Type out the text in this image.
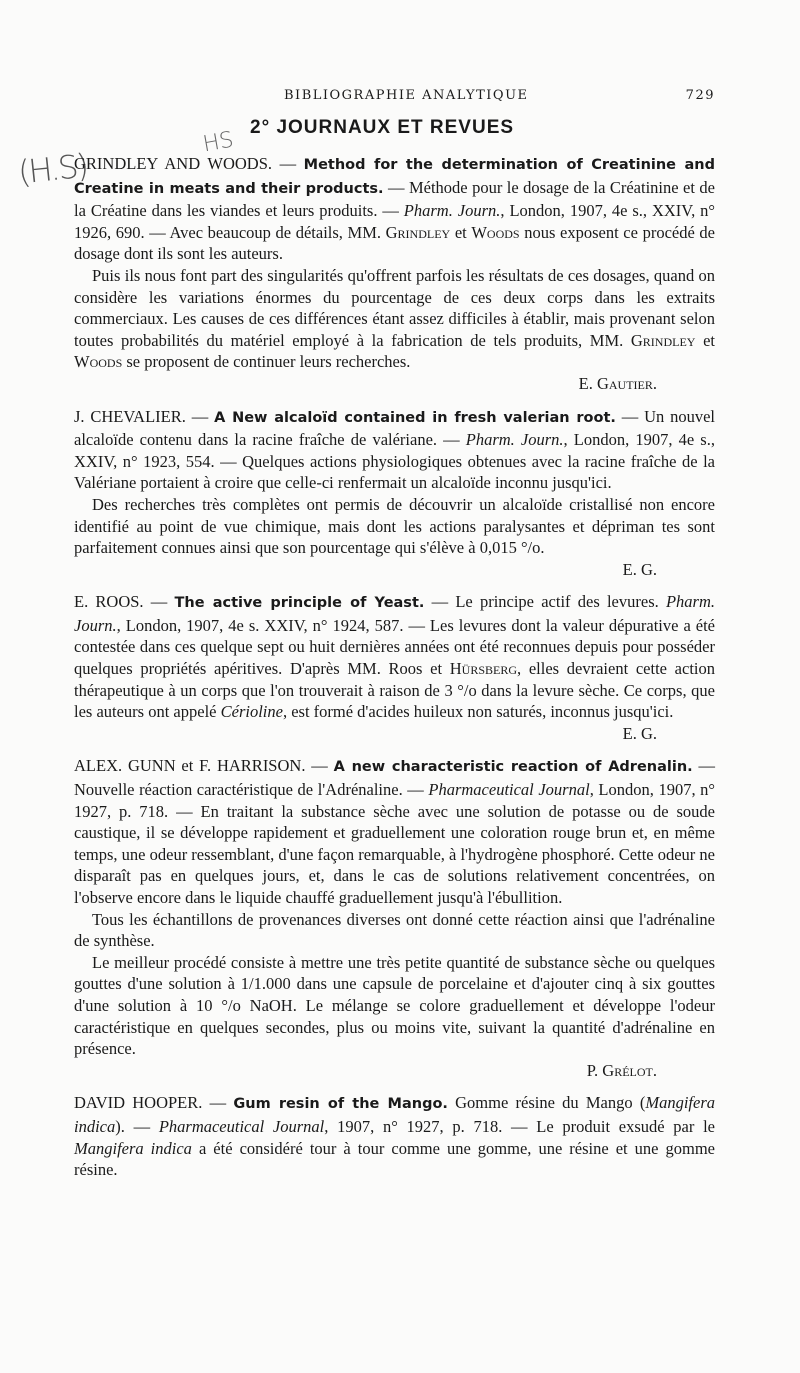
(H.S)
HS
BIBLIOGRAPHIE ANALYTIQUE	729
2° JOURNAUX ET REVUES

GRINDLEY AND WOODS. — Method for the determination of Creatinine and Creatine in meats and their products. — Méthode pour le dosage de la Créatinine et de la Créatine dans les viandes et leurs produits. — Pharm. Journ., London, 1907, 4e s., XXIV, n° 1926, 690. — Avec beaucoup de détails, MM. Grindley et Woods nous exposent ce procédé de dosage dont ils sont les auteurs.

Puis ils nous font part des singularités qu'offrent parfois les résultats de ces dosages, quand on considère les variations énormes du pourcentage de ces deux corps dans les extraits commerciaux. Les causes de ces différences étant assez difficiles à établir, mais provenant selon toutes probabilités du matériel employé à la fabrication de tels produits, MM. Grindley et Woods se proposent de continuer leurs recherches.

E. Gautier.

J. CHEVALIER. — A New alcaloïd contained in fresh valerian root. — Un nouvel alcaloïde contenu dans la racine fraîche de valériane. — Pharm. Journ., London, 1907, 4e s., XXIV, n° 1923, 554. — Quelques actions physiologiques obtenues avec la racine fraîche de la Valériane portaient à croire que celle-ci renfermait un alcaloïde inconnu jusqu'ici.

Des recherches très complètes ont permis de découvrir un alcaloïde cristallisé non encore identifié au point de vue chimique, mais dont les actions paralysantes et dépriman tes sont parfaitement connues ainsi que son pourcentage qui s'élève à 0,015 °/o.

E. G.

E. ROOS. — The active principle of Yeast. — Le principe actif des levures. Pharm. Journ., London, 1907, 4e s. XXIV, n° 1924, 587. — Les levures dont la valeur dépurative a été contestée dans ces quelque sept ou huit dernières années ont été reconnues depuis pour posséder quelques propriétés apéritives. D'après MM. Roos et Hürsberg, elles devraient cette action thérapeutique à un corps que l'on trouverait à raison de 3 °/o dans la levure sèche. Ce corps, que les auteurs ont appelé Cérioline, est formé d'acides huileux non saturés, inconnus jusqu'ici.

E. G.

ALEX. GUNN et F. HARRISON. — A new characteristic reaction of Adrenalin. — Nouvelle réaction caractéristique de l'Adrénaline. — Pharmaceutical Journal, London, 1907, n° 1927, p. 718. — En traitant la substance sèche avec une solution de potasse ou de soude caustique, il se développe rapidement et graduellement une coloration rouge brun et, en même temps, une odeur ressemblant, d'une façon remarquable, à l'hydrogène phosphoré. Cette odeur ne disparaît pas en quelques jours, et, dans le cas de solutions relativement concentrées, on l'observe encore dans le liquide chauffé graduellement jusqu'à l'ébullition.

Tous les échantillons de provenances diverses ont donné cette réaction ainsi que l'adrénaline de synthèse.

Le meilleur procédé consiste à mettre une très petite quantité de substance sèche ou quelques gouttes d'une solution à 1/1.000 dans une capsule de porcelaine et d'ajouter cinq à six gouttes d'une solution à 10 °/o NaOH. Le mélange se colore graduellement et développe l'odeur caractéristique en quelques secondes, plus ou moins vite, suivant la quantité d'adrénaline en présence.

P. Grélot.

DAVID HOOPER. — Gum resin of the Mango. Gomme résine du Mango (Mangifera indica). — Pharmaceutical Journal, 1907, n° 1927, p. 718. — Le produit exsudé par le Mangifera indica a été considéré tour à tour comme une gomme, une résine et une gomme résine.
